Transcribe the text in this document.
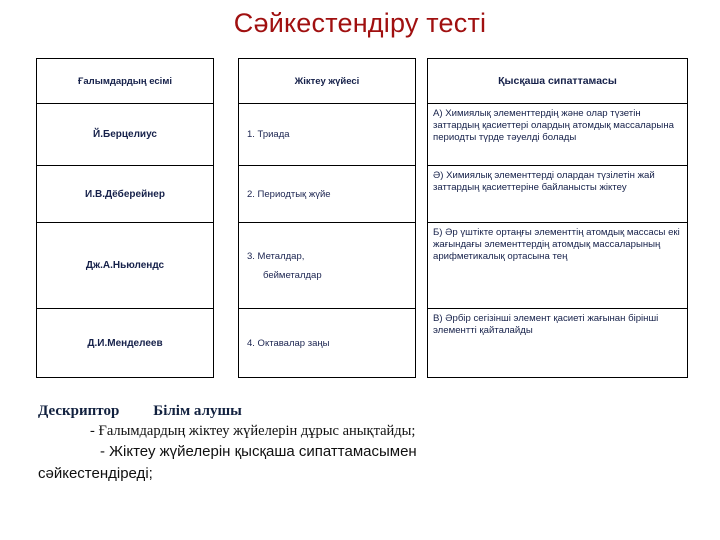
Сәйкестендіру тесті
Ғалымдардың есімі
Й.Берцелиус
И.В.Дёберейнер
Дж.А.Ньюлендс
Д.И.Менделеев
Жіктеу жүйесі
1. Триада
2. Периодтық жүйе
3. Металдар,
бейметалдар
4. Октавалар заңы
Қысқаша сипаттамасы
А) Химиялық элементтердің және олар түзетін заттардың қасиеттері олардың атомдық массаларына периодты түрде тәуелді болады
Ә) Химиялық элементтерді олардан түзілетін жай заттардың қасиеттеріне байланысты жіктеу
Б) Әр үштікте ортаңғы элементтің атомдық массасы екі жағындағы элементтердің атомдық массаларының арифметикалық ортасына тең
В) Әрбір сегізінші элемент қасиеті жағынан бірінші элементті қайталайды
Дескриптор Білім алушы
- Ғалымдардың жіктеу жүйелерін дұрыс анықтайды;
- Жіктеу жүйелерін қысқаша сипаттамасымен
сәйкестендіреді;
